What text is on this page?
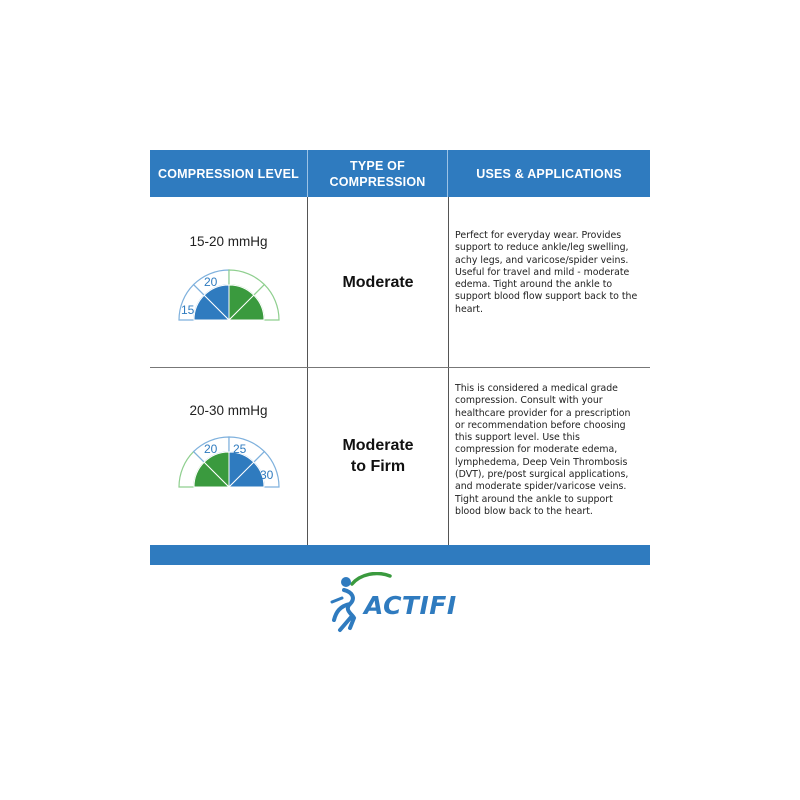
COMPRESSION LEVEL
TYPE OF
COMPRESSION
USES & APPLICATIONS
15-20 mmHg
15
20	Moderate
Perfect for everyday wear. Provides support to reduce ankle/leg swelling, achy legs, and varicose/spider veins. Useful for travel and mild - moderate edema. Tight around the ankle to support blood flow support back to the heart.
20-30 mmHg
20 25
30
Moderate
to Firm
This is considered a medical grade compression. Consult with your healthcare provider for a prescription or recommendation before choosing this support level. Use this compression for moderate edema, lymphedema, Deep Vein Thrombosis (DVT), pre/post surgical applications, and moderate spider/varicose veins. Tight around the ankle to support blood blow back to the heart.
ACTIFI
